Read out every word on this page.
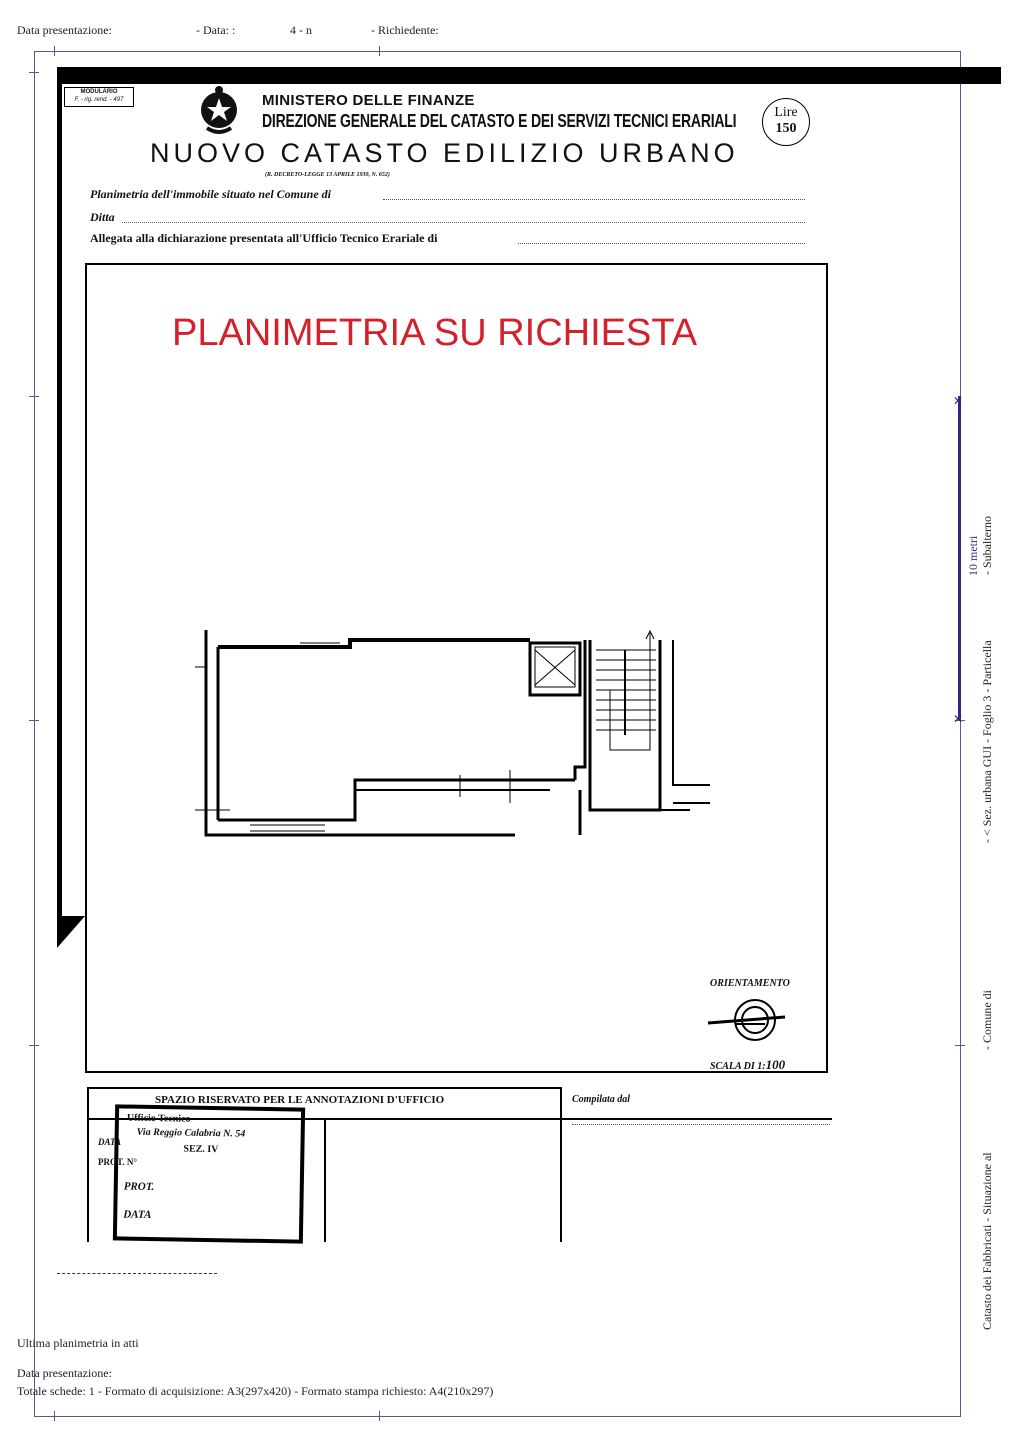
Data presentazione:	- Data: :	4 - n	- Richiedente:
✕
✕
10 metri
- < Sez. urbana GUI - Foglio 3 - Particella
- Subalterno
Catasto dei Fabbricati - Situazione al
- Comune di
MODULARIO
F. - rig. rend. - 497	MINISTERO DELLE FINANZE
DIREZIONE GENERALE DEL CATASTO E DEI SERVIZI TECNICI ERARIALI	Lire
150
NUOVO CATASTO EDILIZIO URBANO
(R. DECRETO-LEGGE 13 APRILE 1939, N. 652)
Planimetria dell'immobile situato nel Comune di
Ditta
Allegata alla dichiarazione presentata all'Ufficio Tecnico Erariale di
PLANIMETRIA SU RICHIESTA
ORIENTAMENTO
SCALA DI 1:100
SPAZIO RISERVATO PER LE ANNOTAZIONI D'UFFICIO
Ufficio Tecnico
Via Reggio Calabria N. 54
SEZ. IV
PROT.
DATA
DATA
PROT. N°
Compilata dal
Ultima planimetria in atti
Data presentazione:
Totale schede: 1 - Formato di acquisizione: A3(297x420) - Formato stampa richiesto: A4(210x297)
